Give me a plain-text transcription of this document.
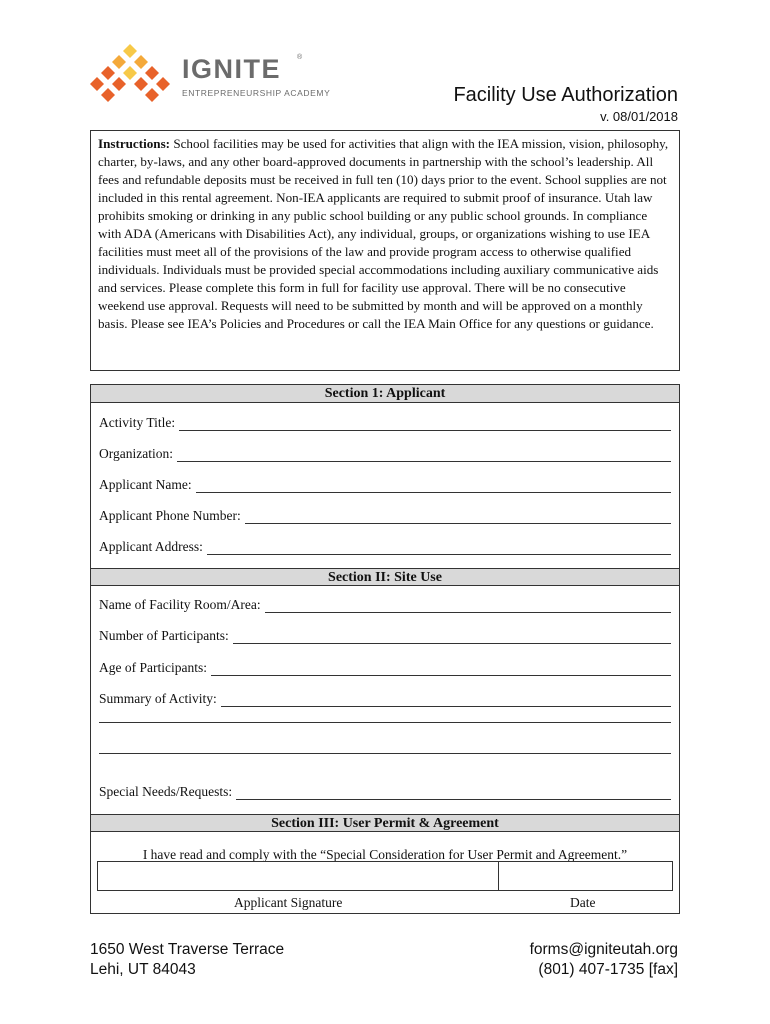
IGNITE ®
ENTREPRENEURSHIP ACADEMY	Facility Use Authorization
v. 08/01/2018
Instructions: School facilities may be used for activities that align with the IEA mission, vision, philosophy, charter, by-laws, and any other board-approved documents in partnership with the school’s leadership. All fees and refundable deposits must be received in full ten (10) days prior to the event. School supplies are not included in this rental agreement. Non-IEA applicants are required to submit proof of insurance. Utah law prohibits smoking or drinking in any public school building or any public school grounds. In compliance with ADA (Americans with Disabilities Act), any individual, groups, or organizations wishing to use IEA facilities must meet all of the provisions of the law and provide program access to otherwise qualified individuals. Individuals must be provided special accommodations including auxiliary communicative aids and services. Please complete this form in full for facility use approval. There will be no consecutive weekend use approval. Requests will need to be submitted by month and will be approved on a monthly basis. Please see IEA’s Policies and Procedures or call the IEA Main Office for any questions or guidance.
Section 1: Applicant
Activity Title:
Organization:
Applicant Name:
Applicant Phone Number:
Applicant Address:
Section II: Site Use
Name of Facility Room/Area:
Number of Participants:
Age of Participants:
Summary of Activity:
Special Needs/Requests:
Section III: User Permit & Agreement
I have read and comply with the “Special Consideration for User Permit and Agreement.”
Applicant Signature	Date
1650 West Traverse Terrace
Lehi, UT 84043
forms@igniteutah.org
(801) 407-1735 [fax]
